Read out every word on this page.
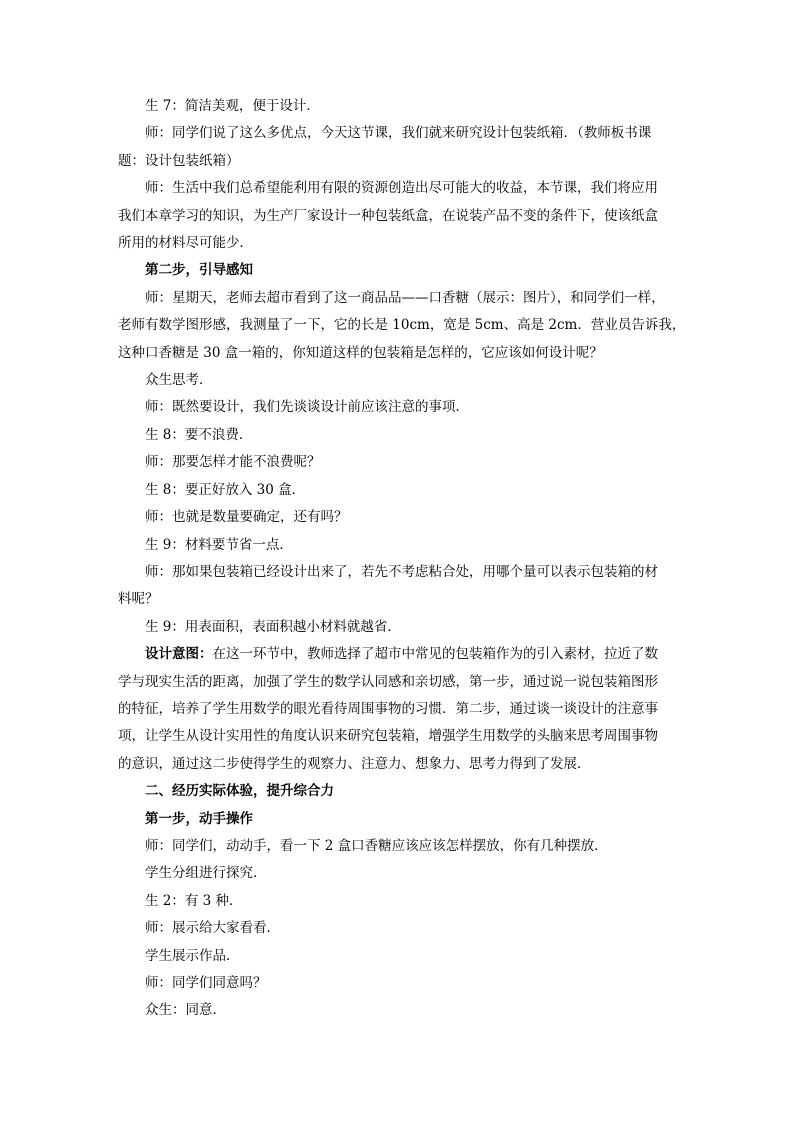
生 7：简洁美观，便于设计．

师：同学们说了这么多优点，今天这节课，我们就来研究设计包装纸箱．（教师板书课

题：设计包装纸箱）

师：生活中我们总希望能利用有限的资源创造出尽可能大的收益，本节课，我们将应用

我们本章学习的知识，为生产厂家设计一种包装纸盒，在说装产品不变的条件下，使该纸盒

所用的材料尽可能少．

第二步，引导感知

师：星期天，老师去超市看到了这一商品品——口香糖（展示：图片），和同学们一样，

老师有数学图形感，我测量了一下，它的长是 10cm，宽是 5cm、高是 2cm．营业员告诉我，

这种口香糖是 30 盒一箱的，你知道这样的包装箱是怎样的，它应该如何设计呢？

众生思考．

师：既然要设计，我们先谈谈设计前应该注意的事项．

生 8：要不浪费．

师：那要怎样才能不浪费呢？

生 8：要正好放入 30 盒．

师：也就是数量要确定，还有吗？

生 9：材料要节省一点．

师：那如果包装箱已经设计出来了，若先不考虑粘合处，用哪个量可以表示包装箱的材

料呢？

生 9：用表面积，表面积越小材料就越省．

设计意图：在这一环节中，教师选择了超市中常见的包装箱作为的引入素材，拉近了数

学与现实生活的距离，加强了学生的数学认同感和亲切感，第一步，通过说一说包装箱图形

的特征，培养了学生用数学的眼光看待周围事物的习惯．第二步，通过谈一谈设计的注意事

项，让学生从设计实用性的角度认识来研究包装箱，增强学生用数学的头脑来思考周围事物

的意识，通过这二步使得学生的观察力、注意力、想象力、思考力得到了发展．

二、经历实际体验，提升综合力

第一步，动手操作

师：同学们，动动手，看一下 2 盒口香糖应该应该怎样摆放，你有几种摆放．

学生分组进行探究．

生 2：有 3 种．

师：展示给大家看看．

学生展示作品．

师：同学们同意吗？

众生：同意．
